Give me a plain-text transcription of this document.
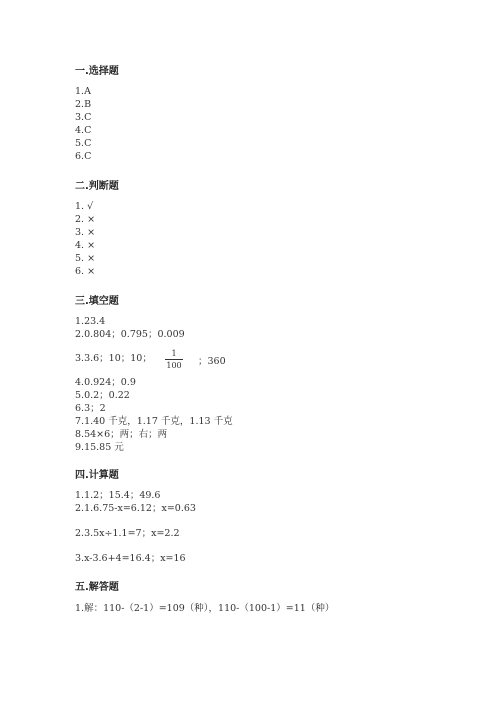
一.选择题
1.A
2.B
3.C
4.C
5.C
6.C
二.判断题
1. √
2. ×
3. ×
4. ×
5. ×
6. ×
三.填空题
1.23.4
2.0.804；0.795；0.009
3.3.6；10；10；	1
100 ；360
4.0.924；0.9
5.0.2；0.22
6.3；2
7.1.40 千克，1.17 千克，1.13 千克
8.54×6；两；右；两
9.15.85 元
四.计算题
1.1.2；15.4；49.6
2.1.6.75-x=6.12；x=0.63
2.3.5x÷1.1=7；x=2.2
3.x-3.6+4=16.4；x=16
五.解答题
1.解：110-（2-1）=109（种），110-（100-1）=11（种）
